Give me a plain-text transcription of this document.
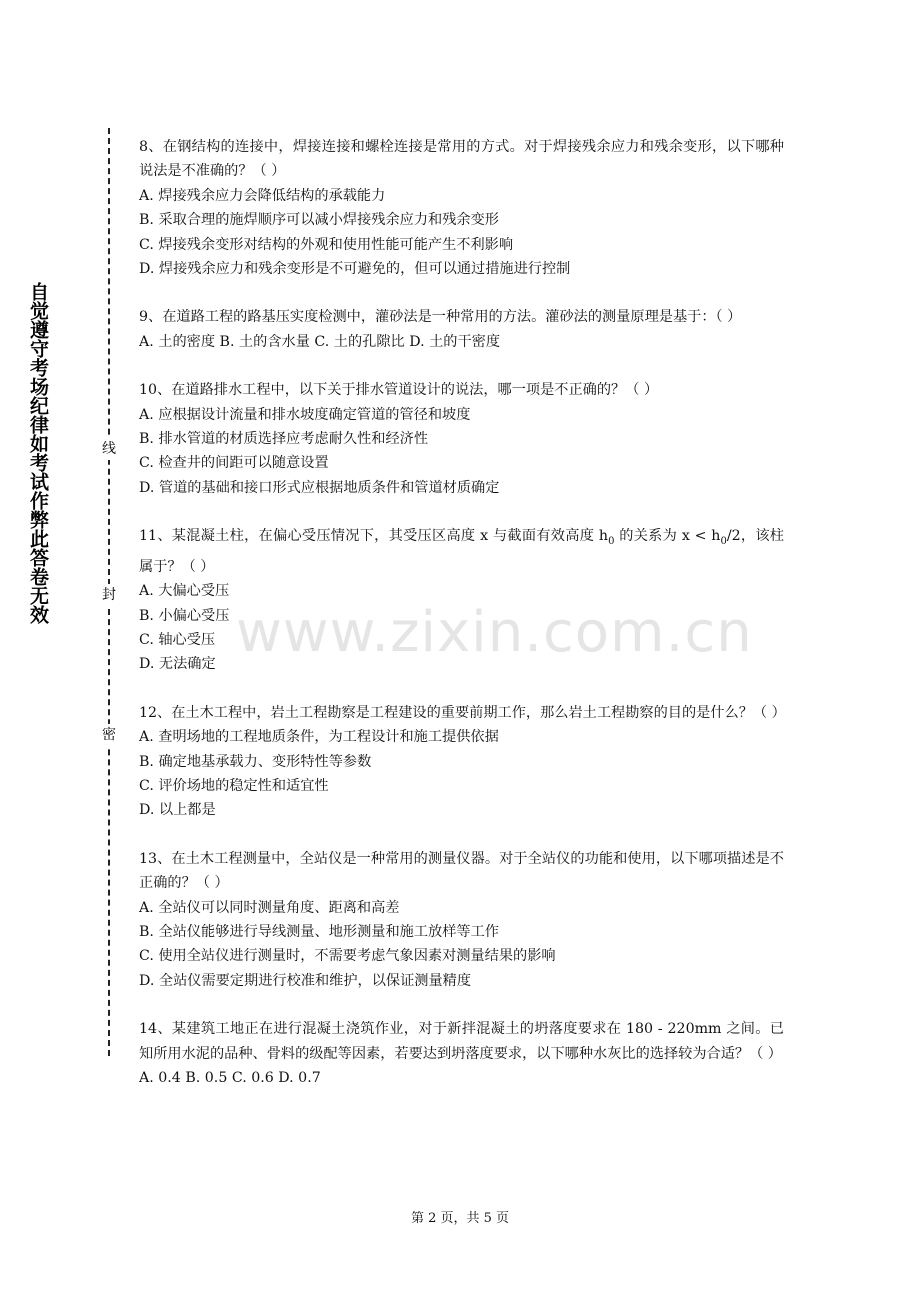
自觉遵守考场纪律如考试作弊此答卷无效	线
封
密

8、在钢结构的连接中，焊接连接和螺栓连接是常用的方式。对于焊接残余应力和残余变形，以下哪种说法是不准确的？（ ）

A. 焊接残余应力会降低结构的承载能力

B. 采取合理的施焊顺序可以减小焊接残余应力和残余变形

C. 焊接残余变形对结构的外观和使用性能可能产生不利影响

D. 焊接残余应力和残余变形是不可避免的，但可以通过措施进行控制

9、在道路工程的路基压实度检测中，灌砂法是一种常用的方法。灌砂法的测量原理是基于：（ ）

A. 土的密度 B. 土的含水量 C. 土的孔隙比 D. 土的干密度

10、在道路排水工程中，以下关于排水管道设计的说法，哪一项是不正确的？（ ）

A. 应根据设计流量和排水坡度确定管道的管径和坡度

B. 排水管道的材质选择应考虑耐久性和经济性

C. 检查井的间距可以随意设置

D. 管道的基础和接口形式应根据地质条件和管道材质确定

11、某混凝土柱，在偏心受压情况下，其受压区高度 x 与截面有效高度 $h_0$ 的关系为 $x < h_0/2$，该柱属于？（ ）

A. 大偏心受压

B. 小偏心受压

C. 轴心受压

D. 无法确定

12、在土木工程中，岩土工程勘察是工程建设的重要前期工作，那么岩土工程勘察的目的是什么？（ ）

A. 查明场地的工程地质条件，为工程设计和施工提供依据

B. 确定地基承载力、变形特性等参数

C. 评价场地的稳定性和适宜性

D. 以上都是

13、在土木工程测量中，全站仪是一种常用的测量仪器。对于全站仪的功能和使用，以下哪项描述是不正确的？（ ）

A. 全站仪可以同时测量角度、距离和高差

B. 全站仪能够进行导线测量、地形测量和施工放样等工作

C. 使用全站仪进行测量时，不需要考虑气象因素对测量结果的影响

D. 全站仪需要定期进行校准和维护，以保证测量精度

14、某建筑工地正在进行混凝土浇筑作业，对于新拌混凝土的坍落度要求在 180 - 220mm 之间。已知所用水泥的品种、骨料的级配等因素，若要达到坍落度要求，以下哪种水灰比的选择较为合适？（ ）

A. 0.4 B. 0.5 C. 0.6 D. 0.7

www.zixin.com.cn
第 2 页，共 5 页
